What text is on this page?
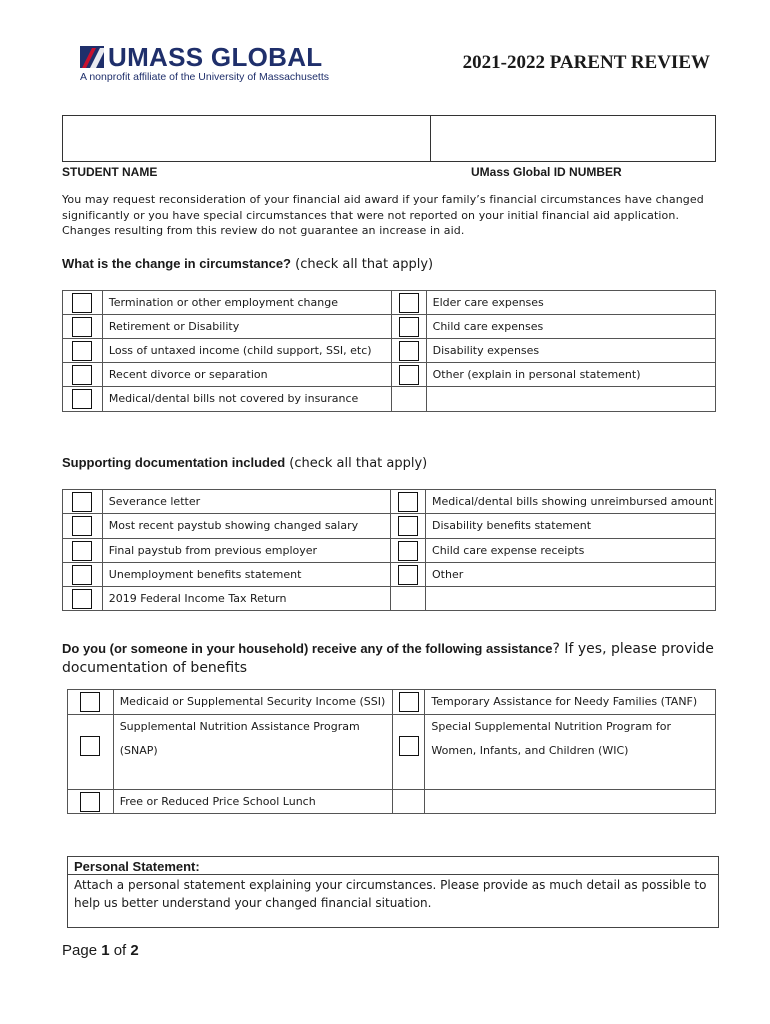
UMASS GLOBAL
A nonprofit affiliate of the University of Massachusetts
2021-2022 PARENT REVIEW
STUDENT NAME	UMass Global ID NUMBER
You may request reconsideration of your financial aid award if your family’s financial circumstances have changed significantly or you have special circumstances that were not reported on your initial financial aid application. Changes resulting from this review do not guarantee an increase in aid.
What is the change in circumstance? (check all that apply)

	Termination or other employment change		Elder care expenses

	Retirement or Disability		Child care expenses

	Loss of untaxed income (child support, SSI, etc)		Disability expenses

	Recent divorce or separation		Other (explain in personal statement)

	Medical/dental bills not covered by insurance		

Supporting documentation included (check all that apply)

	Severance letter		Medical/dental bills showing unreimbursed amount

	Most recent paystub showing changed salary		Disability benefits statement

	Final paystub from previous employer		Child care expense receipts

	Unemployment benefits statement		Other

	2019 Federal Income Tax Return		

Do you (or someone in your household) receive any of the following assistance? If yes, please provide
documentation of benefits

	Medicaid or Supplemental Security Income (SSI)		Temporary Assistance for Needy Families (TANF)

	Supplemental Nutrition Assistance Program
(SNAP)		Special Supplemental Nutrition Program for
Women, Infants, and Children (WIC)

	Free or Reduced Price School Lunch		

Personal Statement:
Attach a personal statement explaining your circumstances. Please provide as much detail as possible to help us better understand your changed financial situation.
Page 1 of 2
